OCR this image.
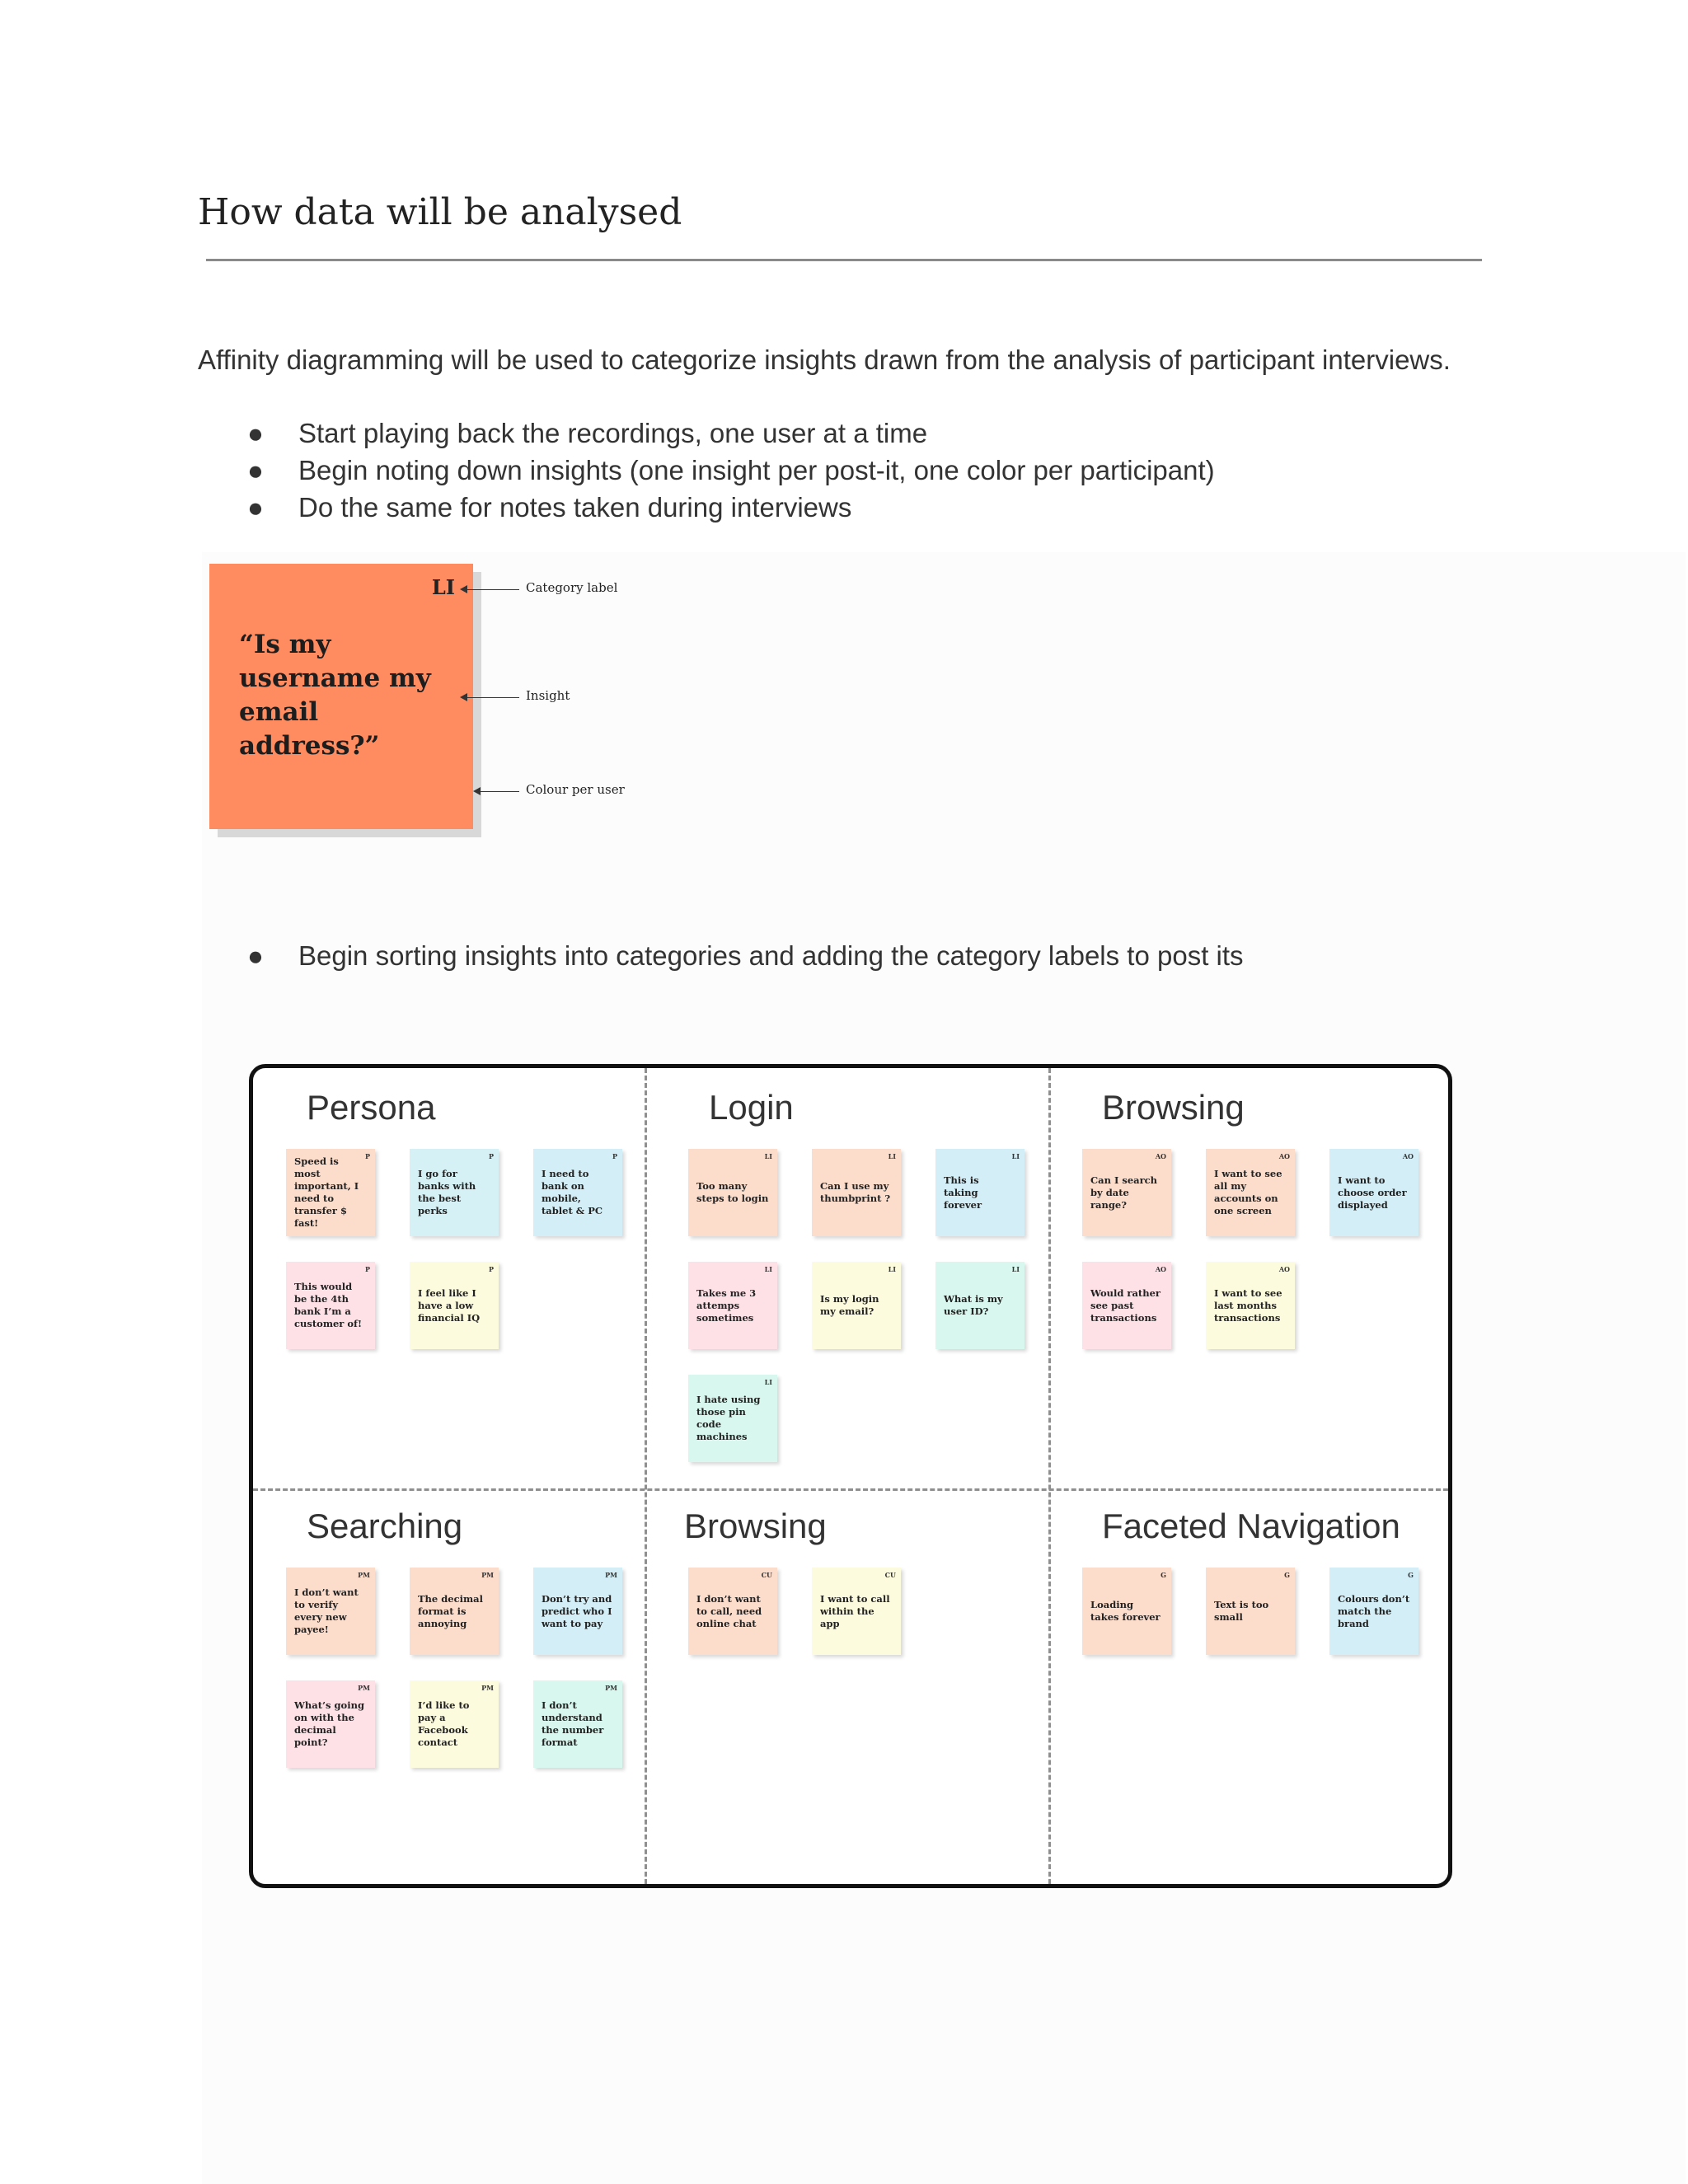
How data will be analysed
Affinity diagramming will be used to categorize insights drawn from the analysis of participant interviews.
● Start playing back the recordings, one user at a time
● Begin noting down insights (one insight per post-it, one color per participant)
● Do the same for notes taken during interviews
LI
“Is my username my email address?”
Category label
Insight
Colour per user
● Begin sorting insights into categories and adding the category labels to post its
Persona
P
Speed is most important, I need to transfer $ fast!
P
I go for banks with the best perks
P
I need to bank on mobile, tablet & PC
P
This would be the 4th bank I’m a customer of!
P
I feel like I have a low financial IQ
Login
LI
Too many steps to login
LI
Can I use my thumbprint ?
LI
This is taking forever
LI
Takes me 3 attemps sometimes
LI
Is my login my email?
LI
What is my user ID?
LI
I hate using those pin code machines
Browsing
AO
Can I search by date range?
AO
I want to see all my accounts on one screen
AO
I want to choose order displayed
AO
Would rather see past transactions
AO
I want to see last months transactions
Searching
PM
I don’t want to verify every new payee!
PM
The decimal format is annoying
PM
Don’t try and predict who I want to pay
PM
What’s going on with the decimal point?
PM
I’d like to pay a Facebook contact
PM
I don’t understand the number format
Browsing
CU
I don’t want to call, need online chat
CU
I want to call within the app
Faceted Navigation
G
Loading takes forever
G
Text is too small
G
Colours don’t match the brand
